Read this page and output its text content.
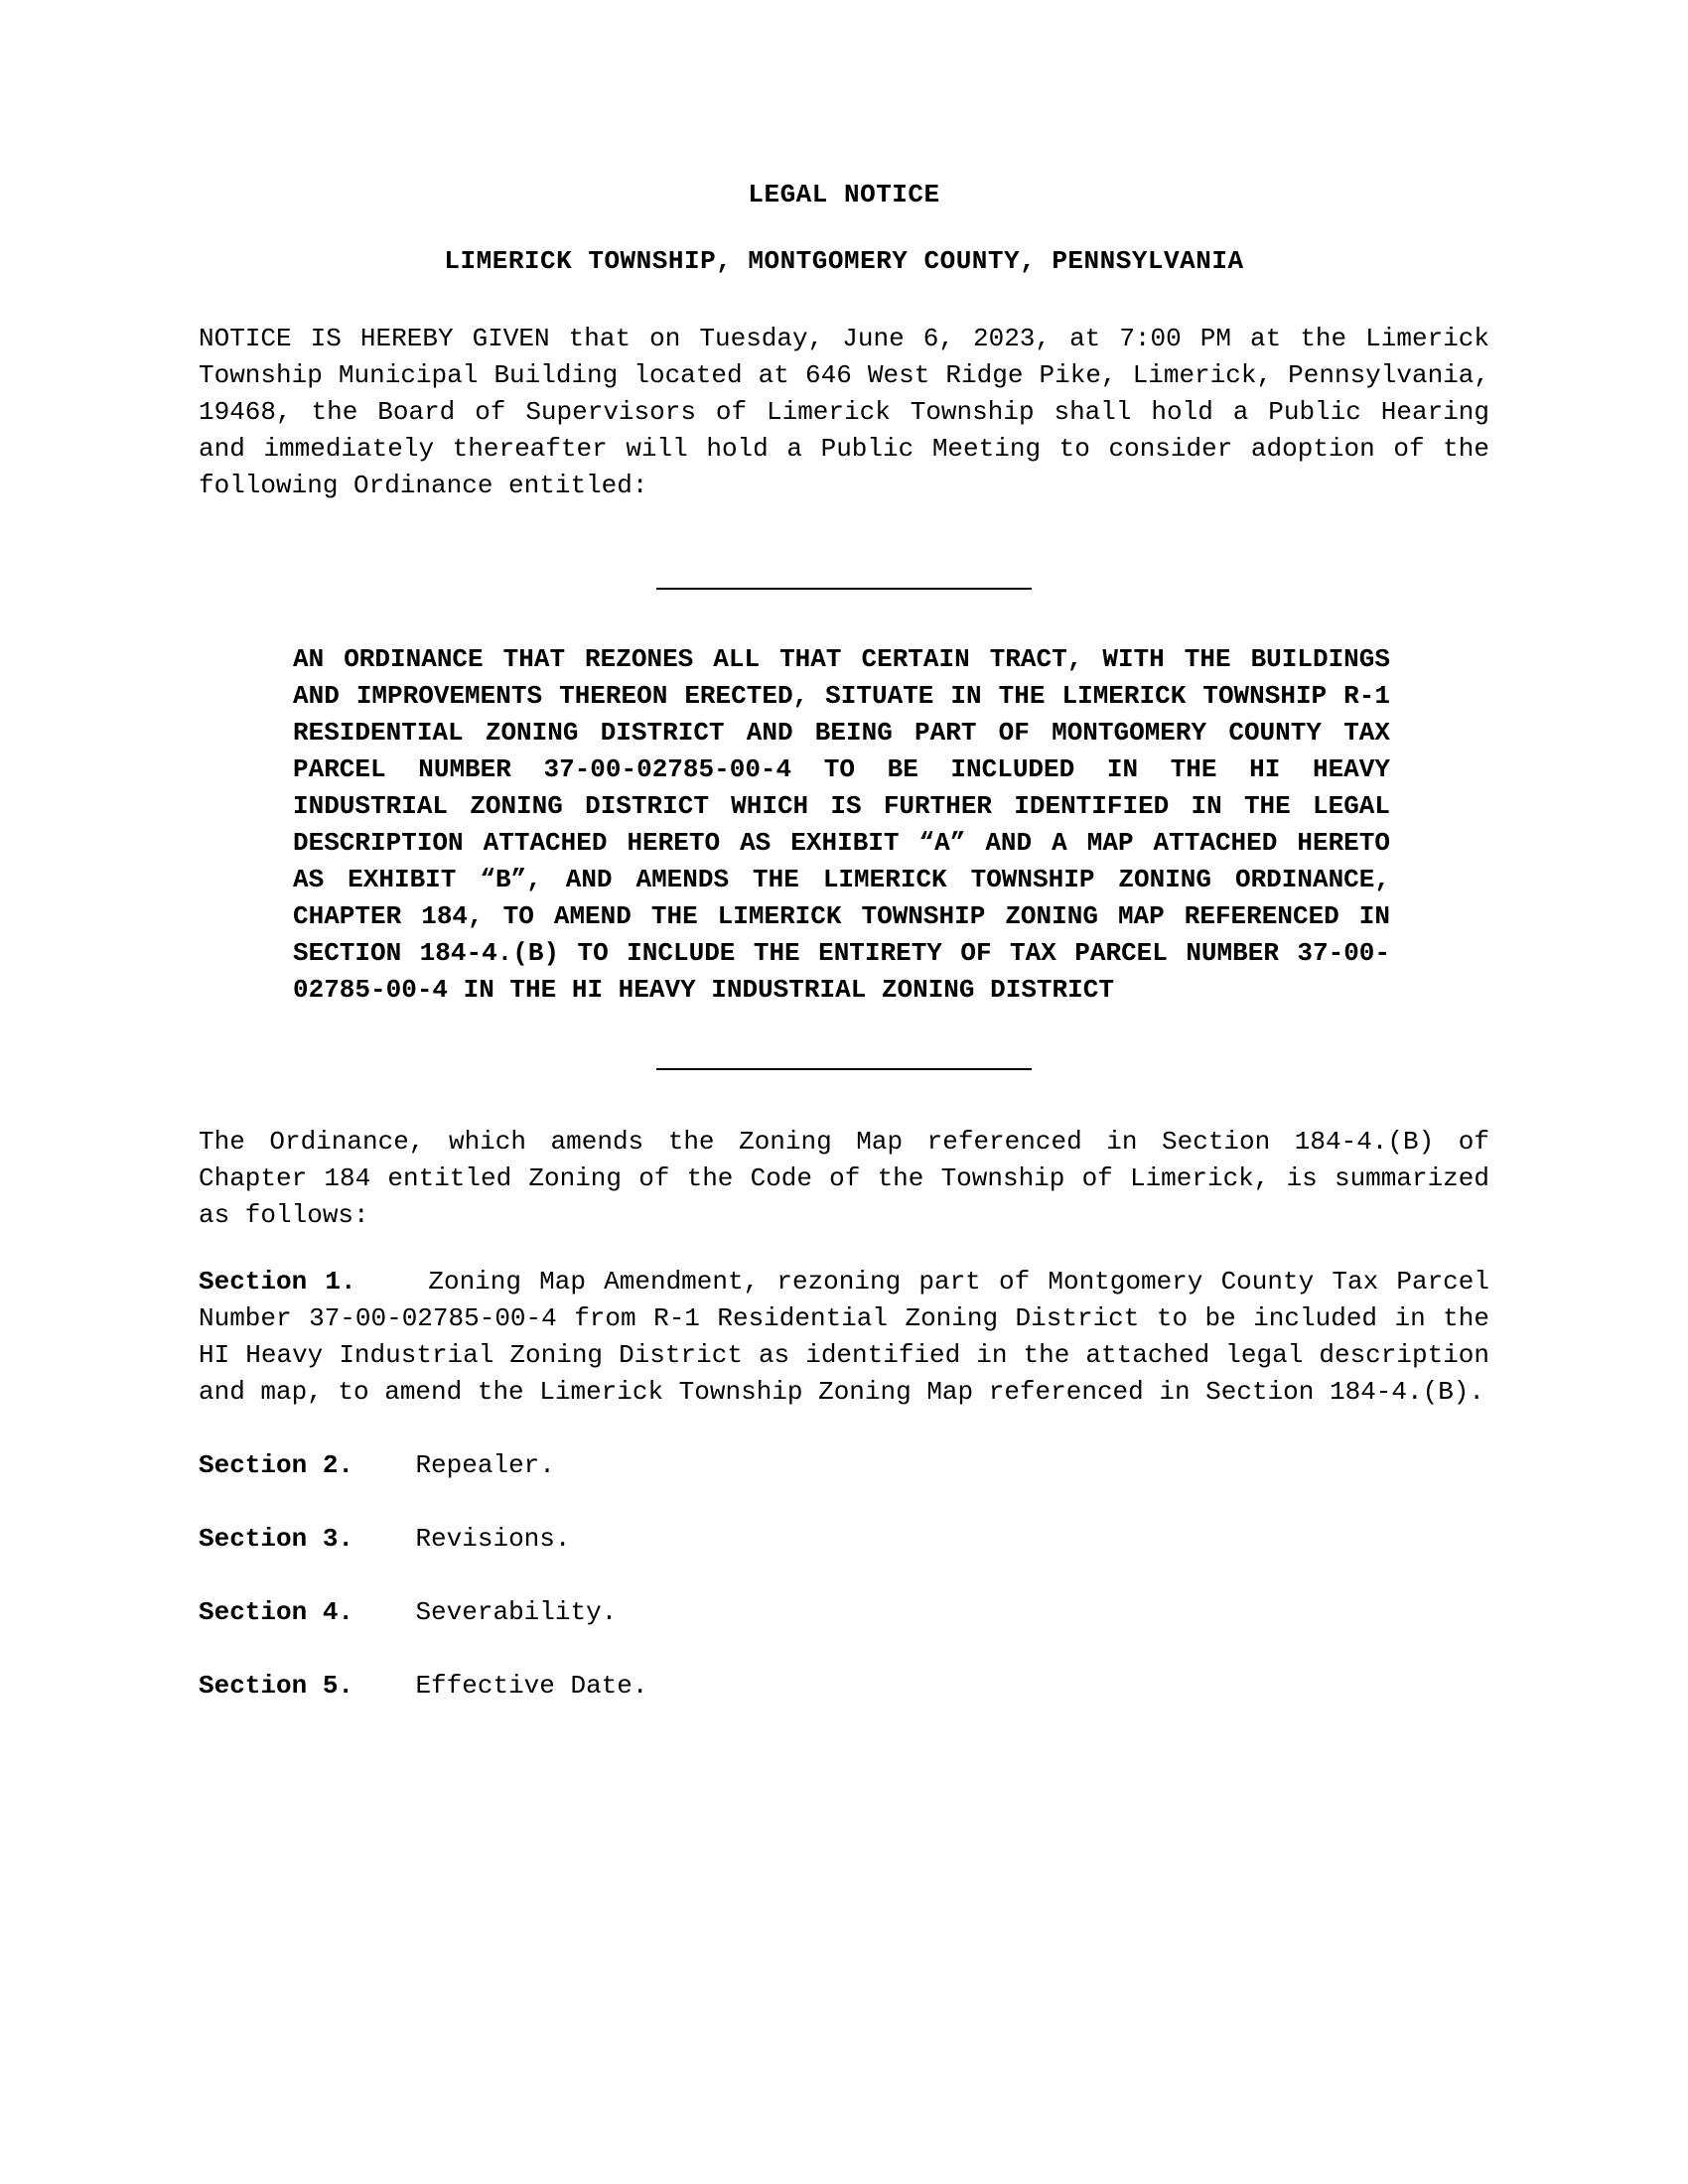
LEGAL NOTICE
LIMERICK TOWNSHIP, MONTGOMERY COUNTY, PENNSYLVANIA

NOTICE IS HEREBY GIVEN that on Tuesday, June 6, 2023, at 7:00 PM at the Limerick Township Municipal Building located at 646 West Ridge Pike, Limerick, Pennsylvania, 19468, the Board of Supervisors of Limerick Township shall hold a Public Hearing and immediately thereafter will hold a Public Meeting to consider adoption of the following Ordinance entitled:

AN ORDINANCE THAT REZONES ALL THAT CERTAIN TRACT, WITH THE BUILDINGS AND IMPROVEMENTS THEREON ERECTED, SITUATE IN THE LIMERICK TOWNSHIP R-1 RESIDENTIAL ZONING DISTRICT AND BEING PART OF MONTGOMERY COUNTY TAX PARCEL NUMBER 37-00-02785-00-4 TO BE INCLUDED IN THE HI HEAVY INDUSTRIAL ZONING DISTRICT WHICH IS FURTHER IDENTIFIED IN THE LEGAL DESCRIPTION ATTACHED HERETO AS EXHIBIT “A” AND A MAP ATTACHED HERETO AS EXHIBIT “B”, AND AMENDS THE LIMERICK TOWNSHIP ZONING ORDINANCE, CHAPTER 184, TO AMEND THE LIMERICK TOWNSHIP ZONING MAP REFERENCED IN SECTION 184-4.(B) TO INCLUDE THE ENTIRETY OF TAX PARCEL NUMBER 37-00-02785-00-4 IN THE HI HEAVY INDUSTRIAL ZONING DISTRICT

The Ordinance, which amends the Zoning Map referenced in Section 184-4.(B) of Chapter 184 entitled Zoning of the Code of the Township of Limerick, is summarized as follows:

Section 1.	Zoning Map Amendment, rezoning part of Montgomery County Tax Parcel Number 37-00-02785-00-4 from R-1 Residential Zoning District to be included in the HI Heavy Industrial Zoning District as identified in the attached legal description and map, to amend the Limerick Township Zoning Map referenced in Section 184-4.(B).
Section 2. Repealer.
Section 3. Revisions.
Section 4. Severability.
Section 5. Effective Date.
